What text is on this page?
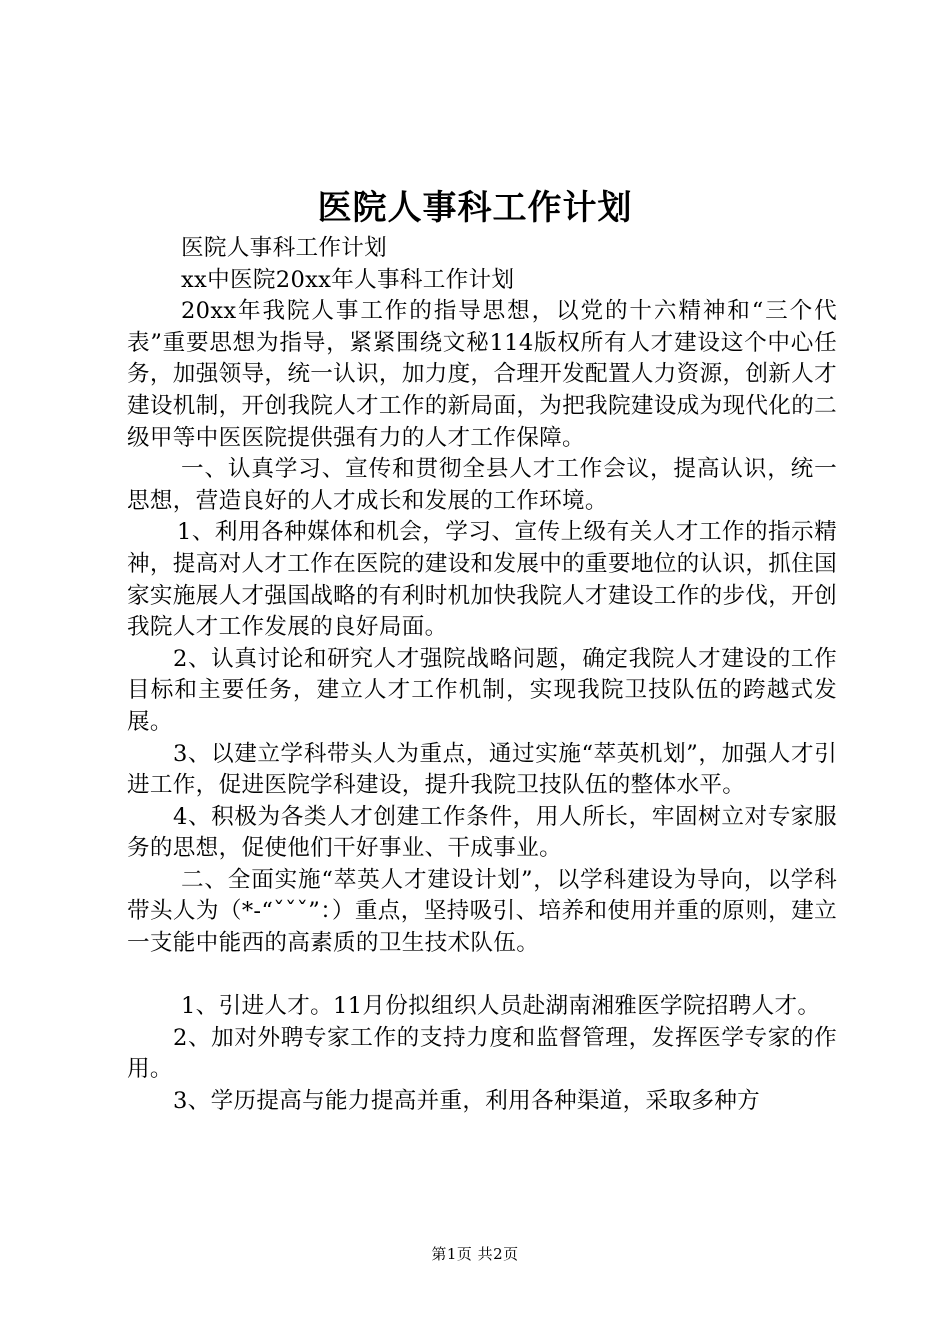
医院人事科工作计划

医院人事科工作计划

xx中医院20xx年人事科工作计划

20xx年我院人事工作的指导思想，以党的十六精神和“三个代表”重要思想为指导，紧紧围绕文秘114版权所有人才建设这个中心任务，加强领导，统一认识，加力度，合理开发配置人力资源，创新人才建设机制，开创我院人才工作的新局面，为把我院建设成为现代化的二级甲等中医医院提供强有力的人才工作保障。

一、认真学习、宣传和贯彻全县人才工作会议，提高认识，统一思想，营造良好的人才成长和发展的工作环境。

1、利用各种媒体和机会，学习、宣传上级有关人才工作的指示精神，提高对人才工作在医院的建设和发展中的重要地位的认识，抓住国家实施展人才强国战略的有利时机加快我院人才建设工作的步伐，开创我院人才工作发展的良好局面。

2、认真讨论和研究人才强院战略问题，确定我院人才建设的工作目标和主要任务，建立人才工作机制，实现我院卫技队伍的跨越式发展。

3、以建立学科带头人为重点，通过实施“萃英机划”，加强人才引进工作，促进医院学科建设，提升我院卫技队伍的整体水平。

4、积极为各类人才创建工作条件，用人所长，牢固树立对专家服务的思想，促使他们干好事业、干成事业。

二、全面实施“萃英人才建设计划”，以学科建设为导向，以学科带头人为（*-“ˇˇˇ”：）重点，坚持吸引、培养和使用并重的原则，建立一支能中能西的高素质的卫生技术队伍。

1、引进人才。11月份拟组织人员赴湖南湘雅医学院招聘人才。

2、加对外聘专家工作的支持力度和监督管理，发挥医学专家的作用。

3、学历提高与能力提高并重，利用各种渠道，采取多种方

第1页 共2页
